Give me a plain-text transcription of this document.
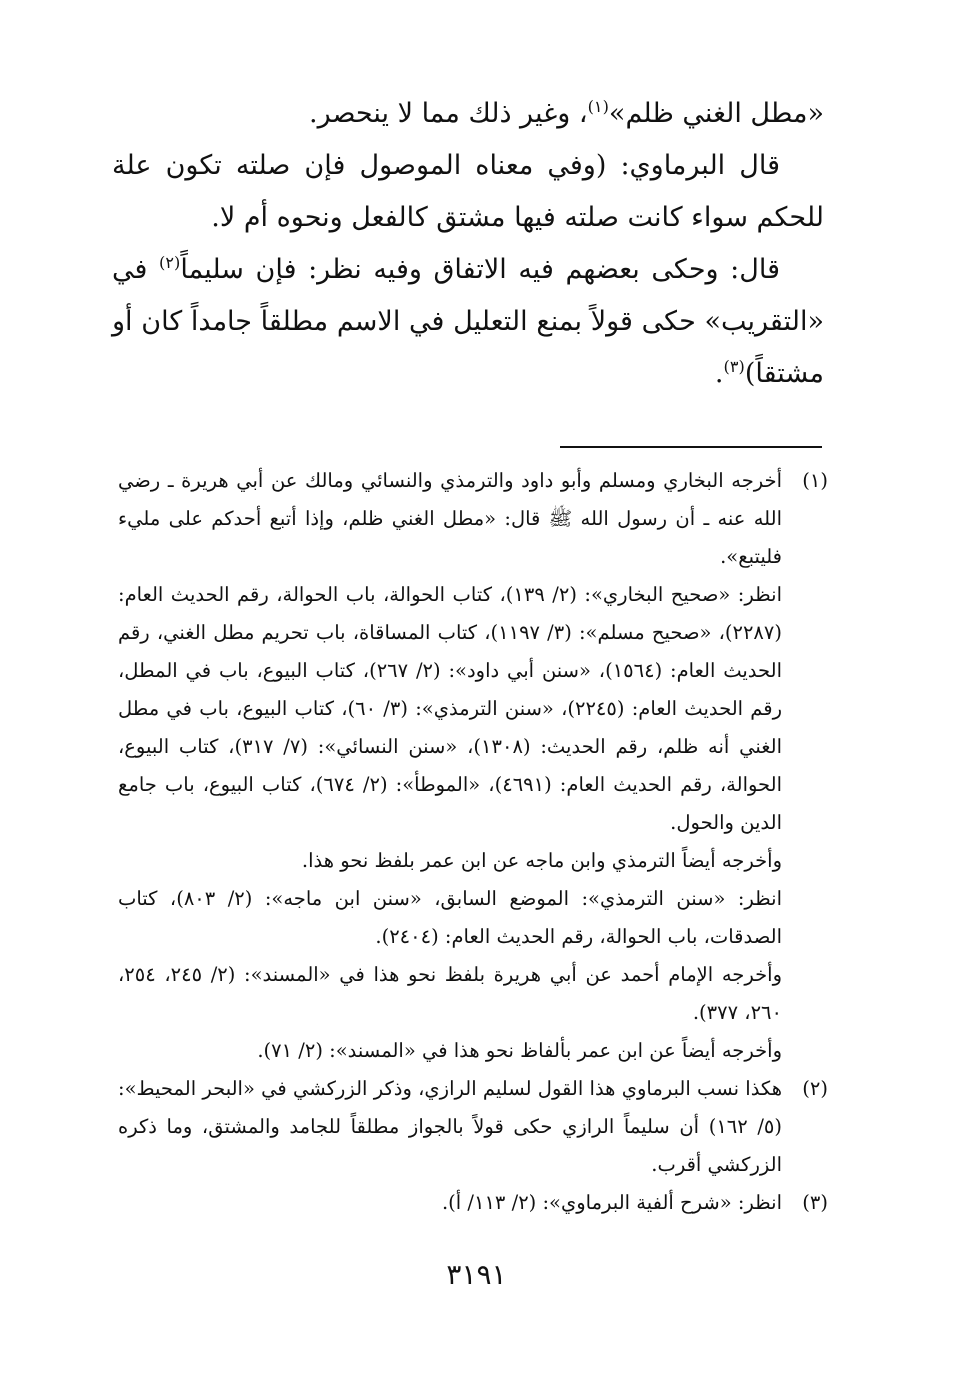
«مطل الغني ظلم»$^{(١)}$، وغير ذلك مما لا ينحصر.

قال البرماوي: (وفي معناه الموصول فإن صلته تكون علة للحكم سواء كانت صلته فيها مشتق كالفعل ونحوه أم لا.

قال: وحكى بعضهم فيه الاتفاق وفيه نظر: فإن سليماً$^{(٢)}$ في «التقريب» حكى قولاً بمنع التعليل في الاسم مطلقاً جامداً كان أو مشتقاً)$^{(٣)}$.

(١)

أخرجه البخاري ومسلم وأبو داود والترمذي والنسائي ومالك عن أبي هريرة ـ رضي الله عنه ـ أن رسول الله ﷺ قال: «مطل الغني ظلم، وإذا أتبع أحدكم على مليء فليتبع».

انظر: «صحيح البخاري»: (٢/ ١٣٩)، كتاب الحوالة، باب الحوالة، رقم الحديث العام: (٢٢٨٧)، «صحيح مسلم»: (٣/ ١١٩٧)، كتاب المساقاة، باب تحريم مطل الغني، رقم الحديث العام: (١٥٦٤)، «سنن أبي داود»: (٢/ ٢٦٧)، كتاب البيوع، باب في المطل، رقم الحديث العام: (٢٢٤٥)، «سنن الترمذي»: (٣/ ٦٠)، كتاب البيوع، باب في مطل الغني أنه ظلم، رقم الحديث: (١٣٠٨)، «سنن النسائي»: (٧/ ٣١٧)، كتاب البيوع، الحوالة، رقم الحديث العام: (٤٦٩١)، «الموطأ»: (٢/ ٦٧٤)، كتاب البيوع، باب جامع الدين والحول.

وأخرجه أيضاً الترمذي وابن ماجه عن ابن عمر بلفظ نحو هذا.

انظر: «سنن الترمذي»: الموضع السابق، «سنن ابن ماجه»: (٢/ ٨٠٣)، كتاب الصدقات، باب الحوالة، رقم الحديث العام: (٢٤٠٤).

وأخرجه الإمام أحمد عن أبي هريرة بلفظ نحو هذا في «المسند»: (٢/ ٢٤٥، ٢٥٤، ٢٦٠، ٣٧٧).

وأخرجه أيضاً عن ابن عمر بألفاظ نحو هذا في «المسند»: (٢/ ٧١).

(٢)

هكذا نسب البرماوي هذا القول لسليم الرازي، وذكر الزركشي في «البحر المحيط»: (٥/ ١٦٢) أن سليماً الرازي حكى قولاً بالجواز مطلقاً للجامد والمشتق، وما ذكره الزركشي أقرب.

(٣)

انظر: «شرح ألفية البرماوي»: (٢/ ١١٣/ أ).

٣١٩١
